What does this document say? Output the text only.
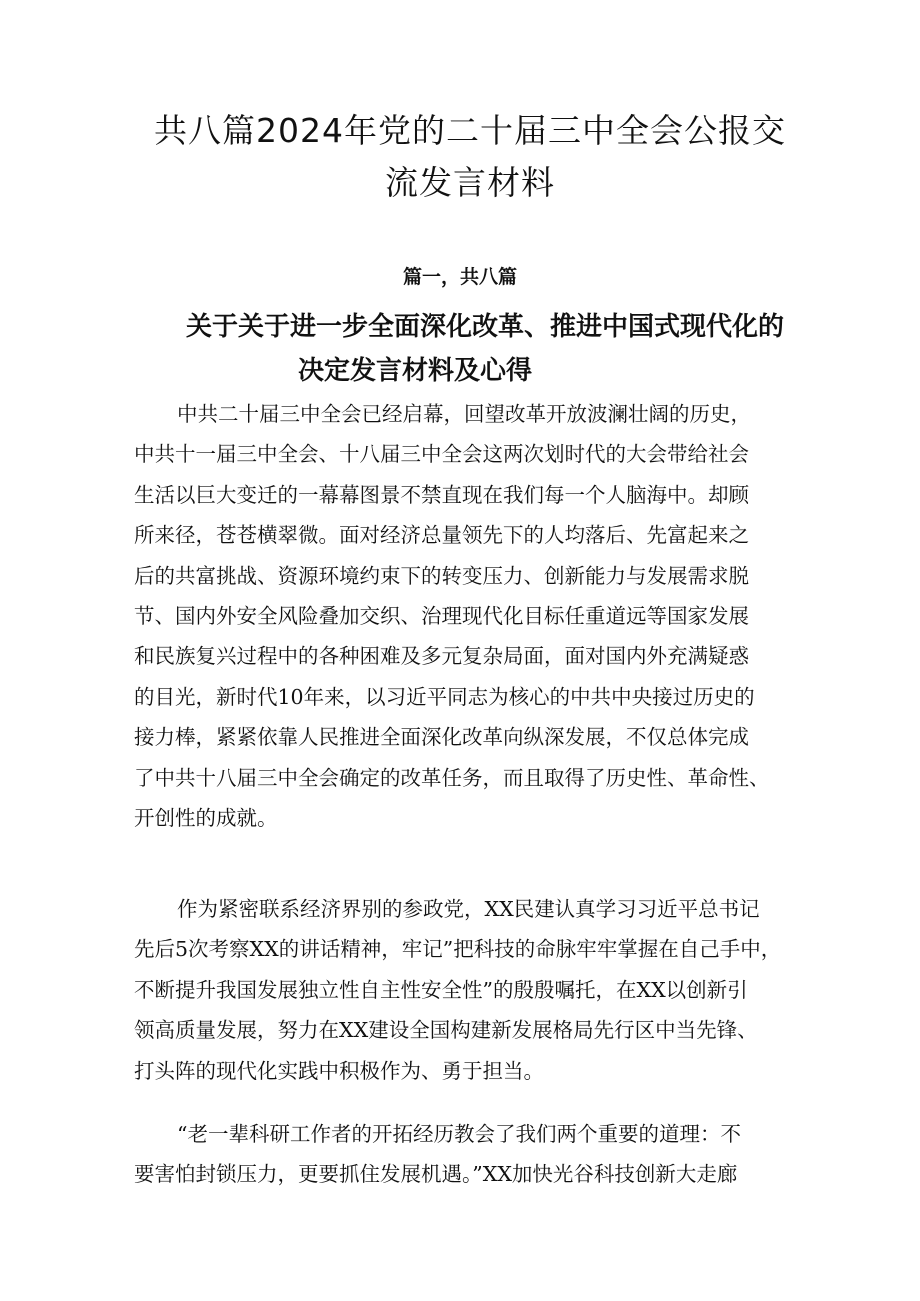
共八篇2024年党的二十届三中全会公报交
流发言材料
篇一，共八篇
关于关于进一步全面深化改革、推进中国式现代化的
决定发言材料及心得
中共二十届三中全会已经启幕，回望改革开放波澜壮阔的历史，
中共十一届三中全会、十八届三中全会这两次划时代的大会带给社会
生活以巨大变迁的一幕幕图景不禁直现在我们每一个人脑海中。却顾
所来径，苍苍横翠微。面对经济总量领先下的人均落后、先富起来之
后的共富挑战、资源环境约束下的转变压力、创新能力与发展需求脱
节、国内外安全风险叠加交织、治理现代化目标任重道远等国家发展
和民族复兴过程中的各种困难及多元复杂局面，面对国内外充满疑惑
的目光，新时代10年来，以习近平同志为核心的中共中央接过历史的
接力棒，紧紧依靠人民推进全面深化改革向纵深发展，不仅总体完成
了中共十八届三中全会确定的改革任务，而且取得了历史性、革命性、
开创性的成就。
作为紧密联系经济界别的参政党，XX民建认真学习习近平总书记
先后5次考察XX的讲话精神，牢记”把科技的命脉牢牢掌握在自己手中，
不断提升我国发展独立性自主性安全性”的殷殷嘱托，在XX以创新引
领高质量发展，努力在XX建设全国构建新发展格局先行区中当先锋、
打头阵的现代化实践中积极作为、勇于担当。
“老一辈科研工作者的开拓经历教会了我们两个重要的道理：不
要害怕封锁压力，更要抓住发展机遇。”XX加快光谷科技创新大走廊
